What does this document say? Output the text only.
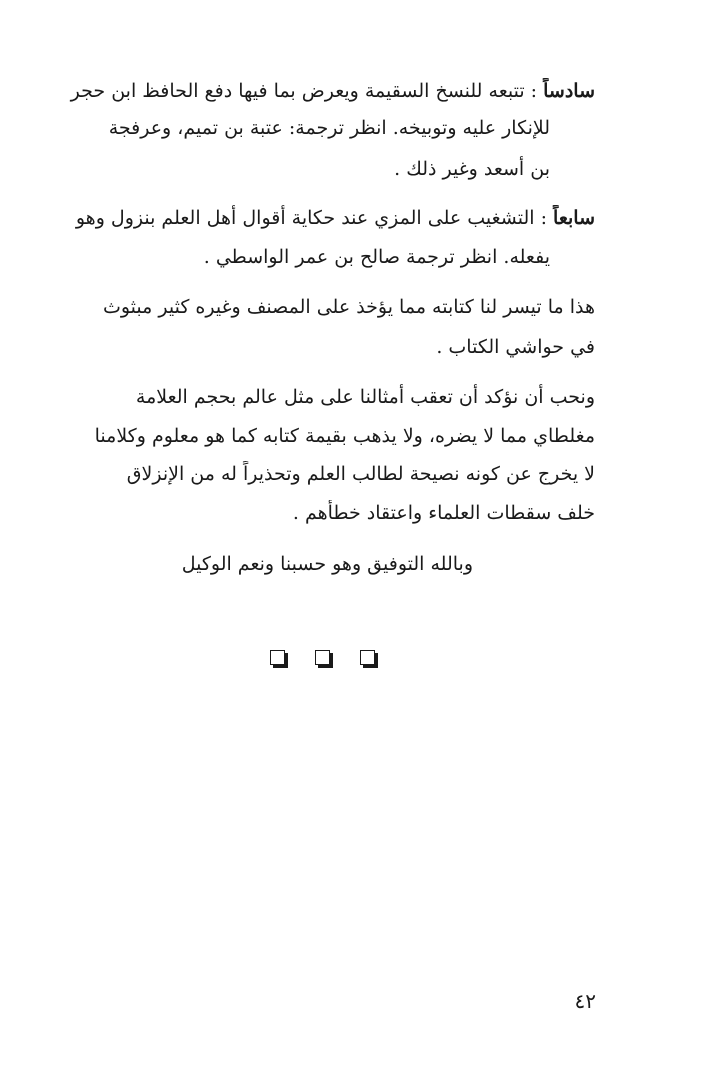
سادساً : تتبعه للنسخ السقيمة ويعرض بما فيها دفع الحافظ ابن حجر
للإنكار عليه وتوبيخه. انظر ترجمة: عتبة بن تميم، وعرفجة
بن أسعد وغير ذلك .
سابعاً : التشغيب على المزي عند حكاية أقوال أهل العلم بنزول وهو
يفعله. انظر ترجمة صالح بن عمر الواسطي .
هذا ما تيسر لنا كتابته مما يؤخذ على المصنف وغيره كثير مبثوث
في حواشي الكتاب .
ونحب أن نؤكد أن تعقب أمثالنا على مثل عالم بحجم العلامة
مغلطاي مما لا يضره، ولا يذهب بقيمة كتابه كما هو معلوم وكلامنا
لا يخرج عن كونه نصيحة لطالب العلم وتحذيراً له من الإنزلاق
خلف سقطات العلماء واعتقاد خطأهم .
وبالله التوفيق وهو حسبنا ونعم الوكيل
٤٢
